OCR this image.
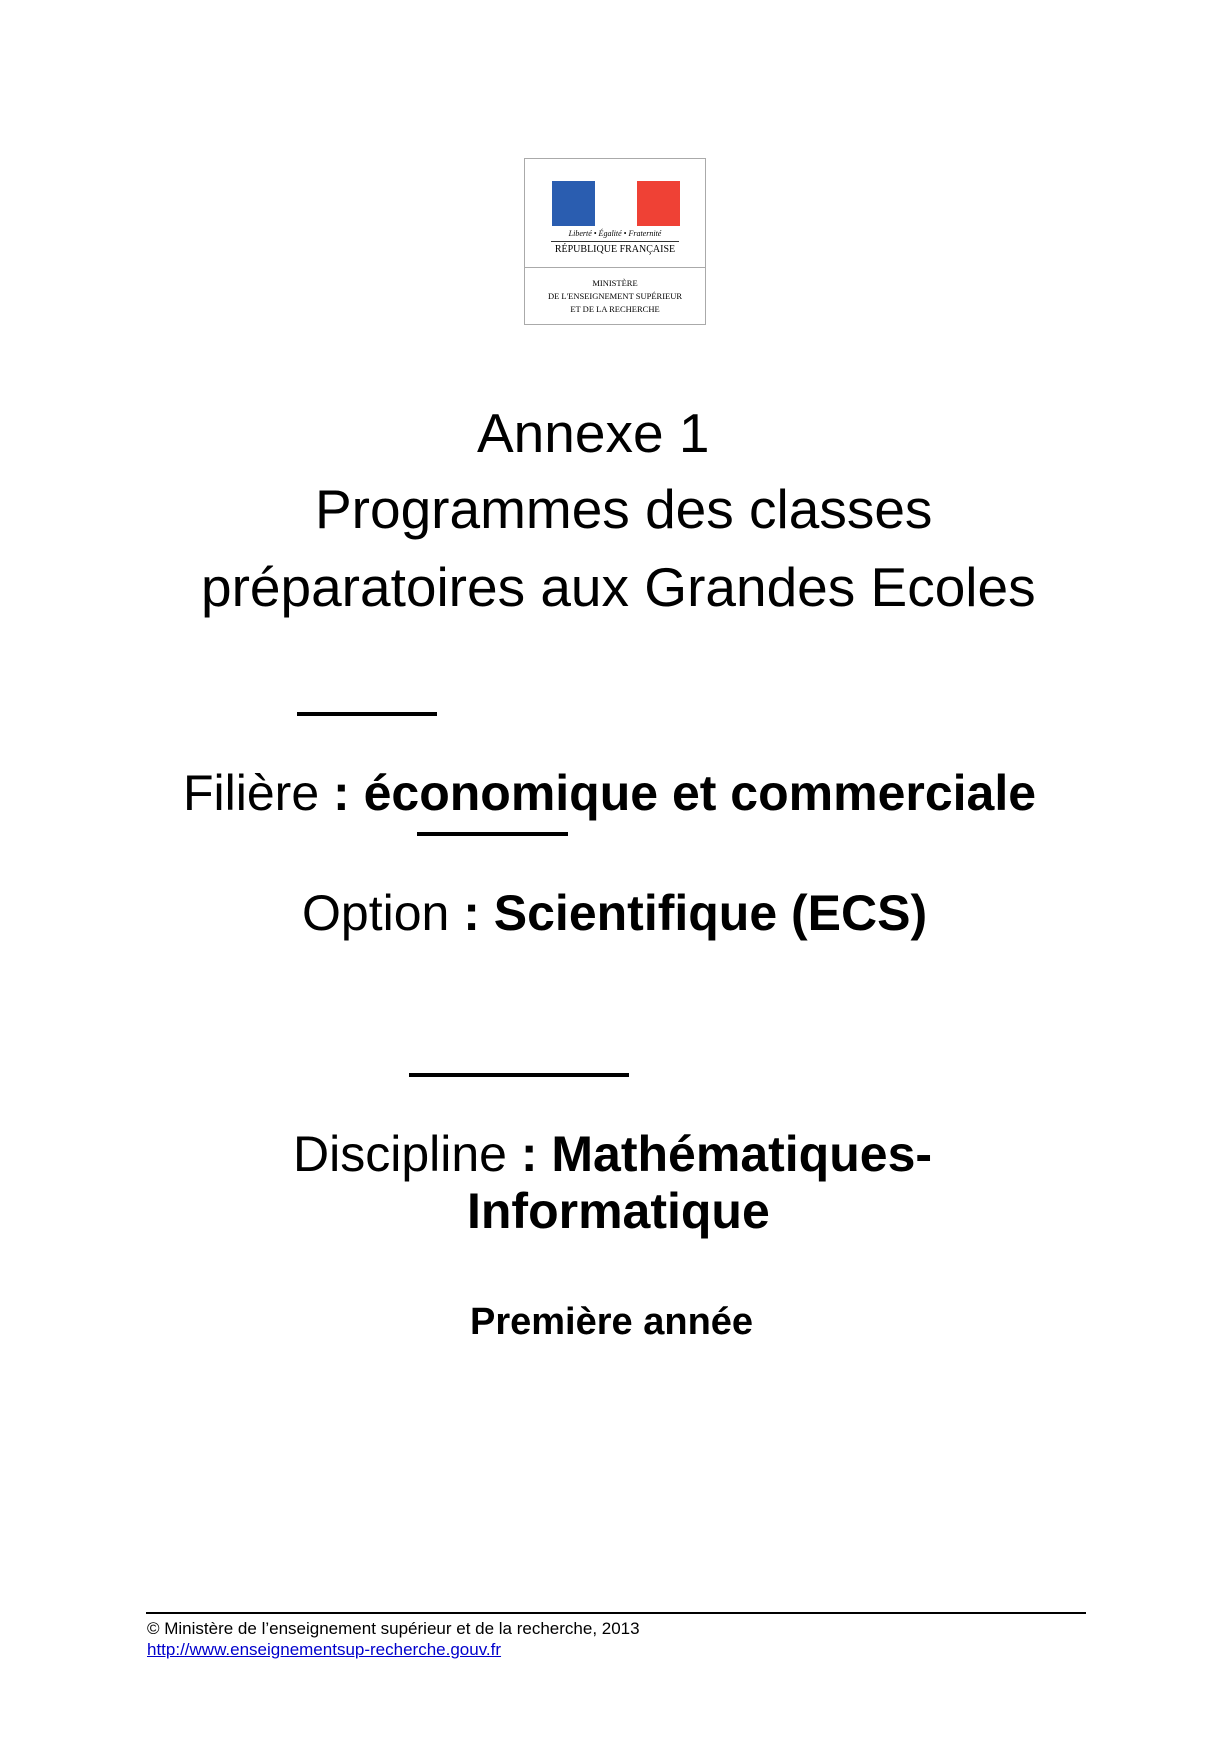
Liberté • Égalité • Fraternité
RÉPUBLIQUE FRANÇAISE
MINISTÈRE
DE L'ENSEIGNEMENT SUPÉRIEUR
ET DE LA RECHERCHE
Annexe 1
Programmes des classes
préparatoires aux Grandes Ecoles
Filière : économique et commerciale
Option : Scientifique (ECS)
Discipline : Mathématiques-
Informatique
Première année
© Ministère de l’enseignement supérieur et de la recherche, 2013
http://www.enseignementsup-recherche.gouv.fr
